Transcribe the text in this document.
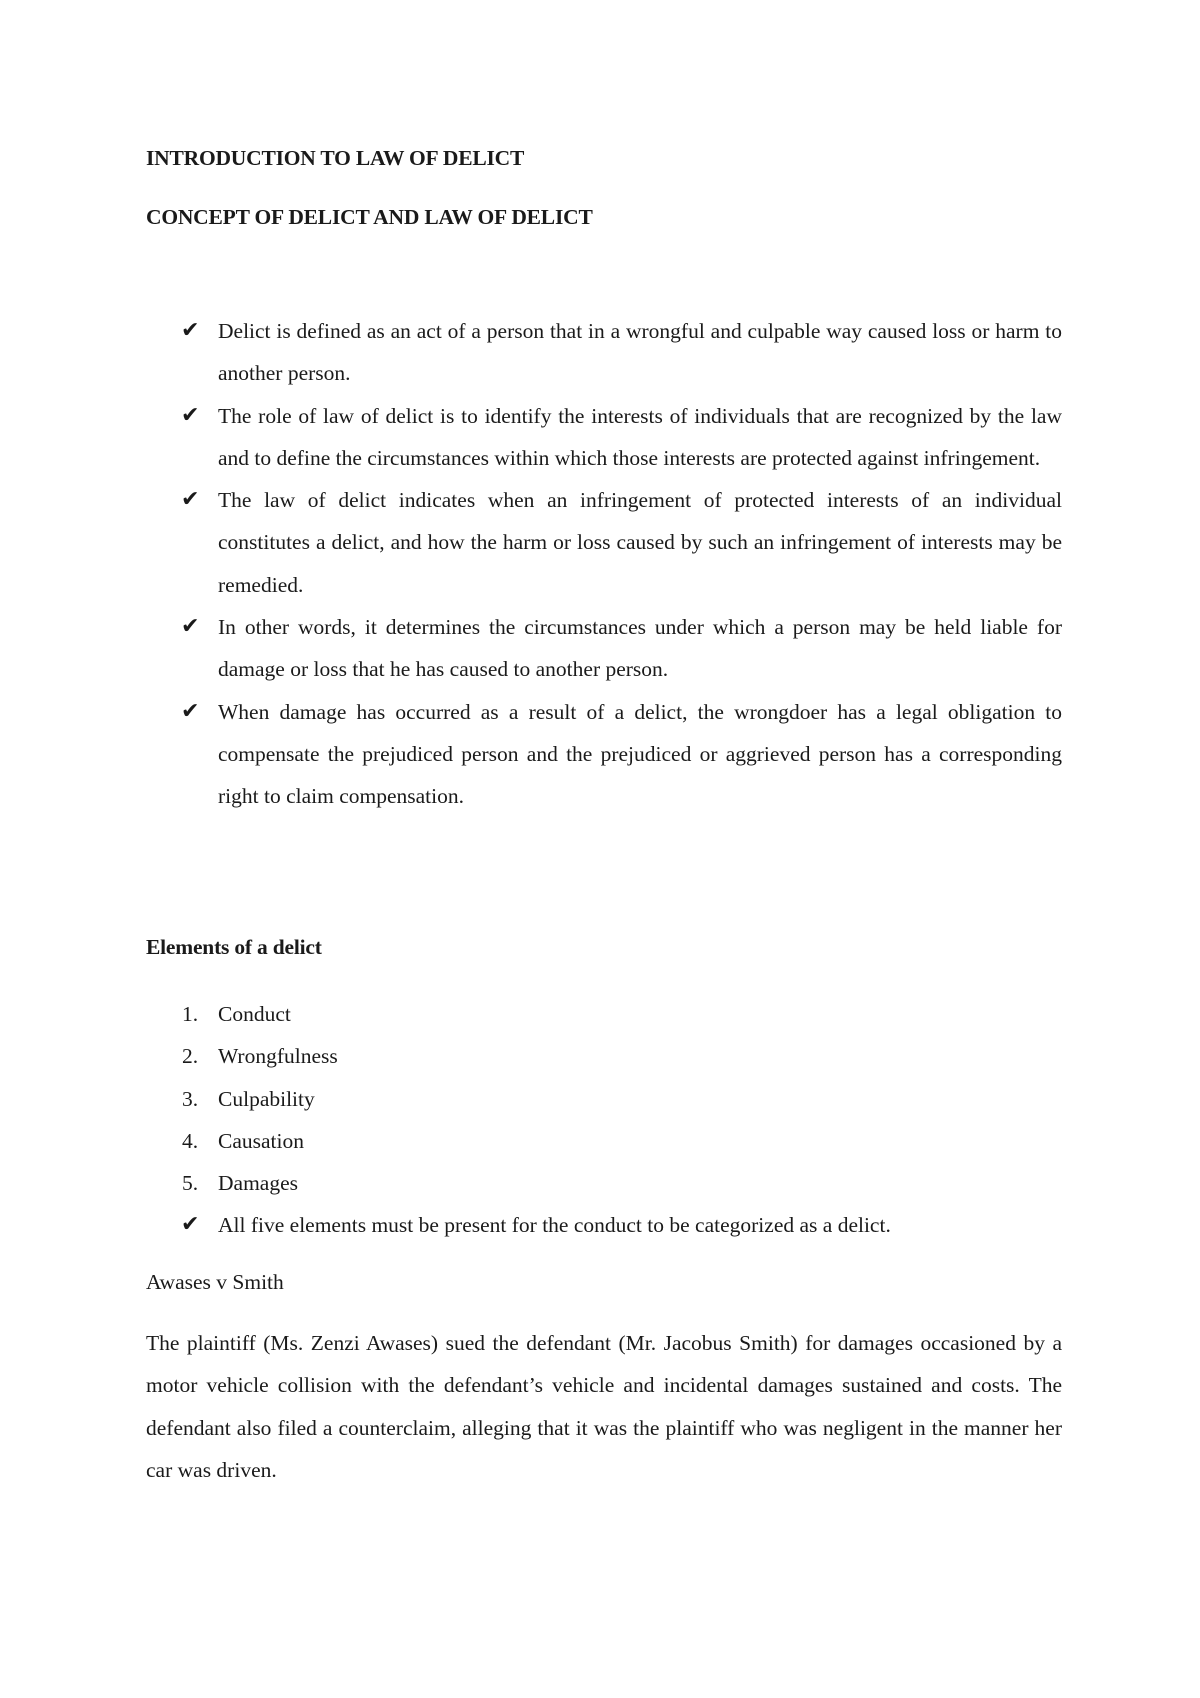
INTRODUCTION TO LAW OF DELICT
CONCEPT OF DELICT AND LAW OF DELICT
✔ Delict is defined as an act of a person that in a wrongful and culpable way caused loss or harm to another person.
✔ The role of law of delict is to identify the interests of individuals that are recognized by the law and to define the circumstances within which those interests are protected against infringement.
✔ The law of delict indicates when an infringement of protected interests of an individual constitutes a delict, and how the harm or loss caused by such an infringement of interests may be remedied.
✔ In other words, it determines the circumstances under which a person may be held liable for damage or loss that he has caused to another person.
✔ When damage has occurred as a result of a delict, the wrongdoer has a legal obligation to compensate the prejudiced person and the prejudiced or aggrieved person has a corresponding right to claim compensation.
Elements of a delict
1. Conduct
2. Wrongfulness
3. Culpability
4. Causation
5. Damages
✔ All five elements must be present for the conduct to be categorized as a delict.
Awases v Smith

The plaintiff (Ms. Zenzi Awases) sued the defendant (Mr. Jacobus Smith) for damages occasioned by a motor vehicle collision with the defendant’s vehicle and incidental damages sustained and costs. The defendant also filed a counterclaim, alleging that it was the plaintiff who was negligent in the manner her car was driven.
